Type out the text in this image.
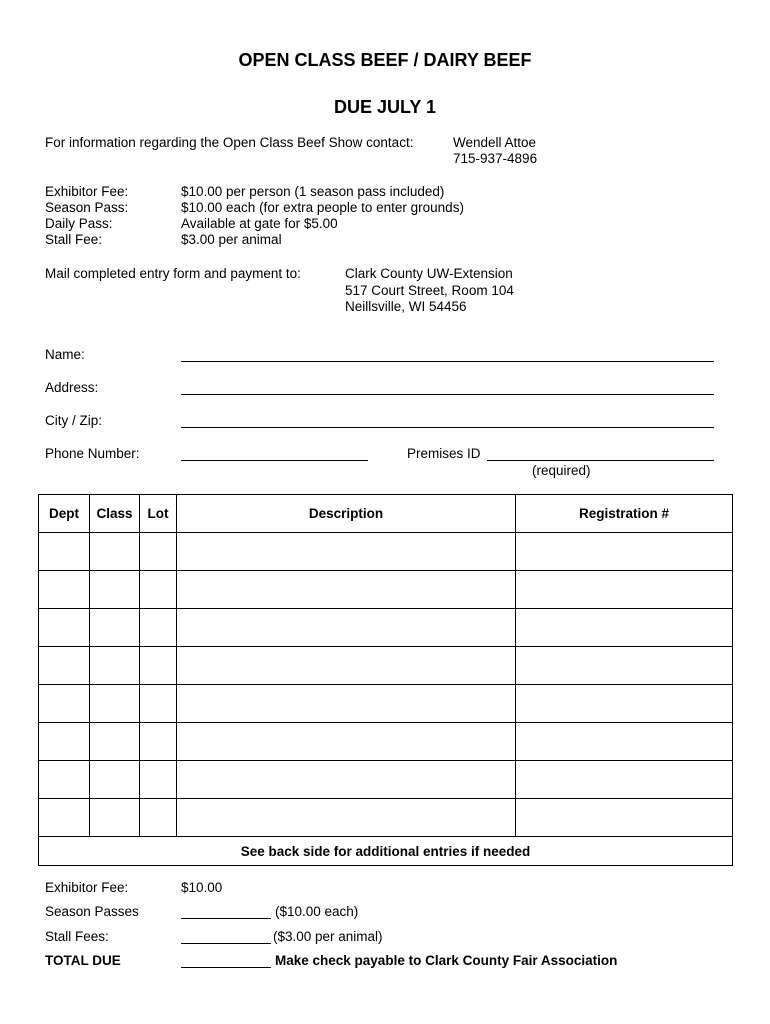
OPEN CLASS BEEF / DAIRY BEEF
DUE JULY 1
For information regarding the Open Class Beef Show contact:	Wendell Attoe
715-937-4896
Exhibitor Fee:	$10.00 per person (1 season pass included)
Season Pass:	$10.00 each (for extra people to enter grounds)
Daily Pass:	Available at gate for $5.00
Stall Fee:	$3.00 per animal
Mail completed entry form and payment to:	Clark County UW-Extension
517 Court Street, Room 104
Neillsville, WI 54456
Name:
Address:
City / Zip:
Phone Number:	Premises ID
(required)
Dept	Class	Lot	Description	Registration #

See back side for additional entries if needed				
Exhibitor Fee:	$10.00
Season Passes	($10.00 each)
Stall Fees:	($3.00 per animal)
TOTAL DUE	Make check payable to Clark County Fair Association
